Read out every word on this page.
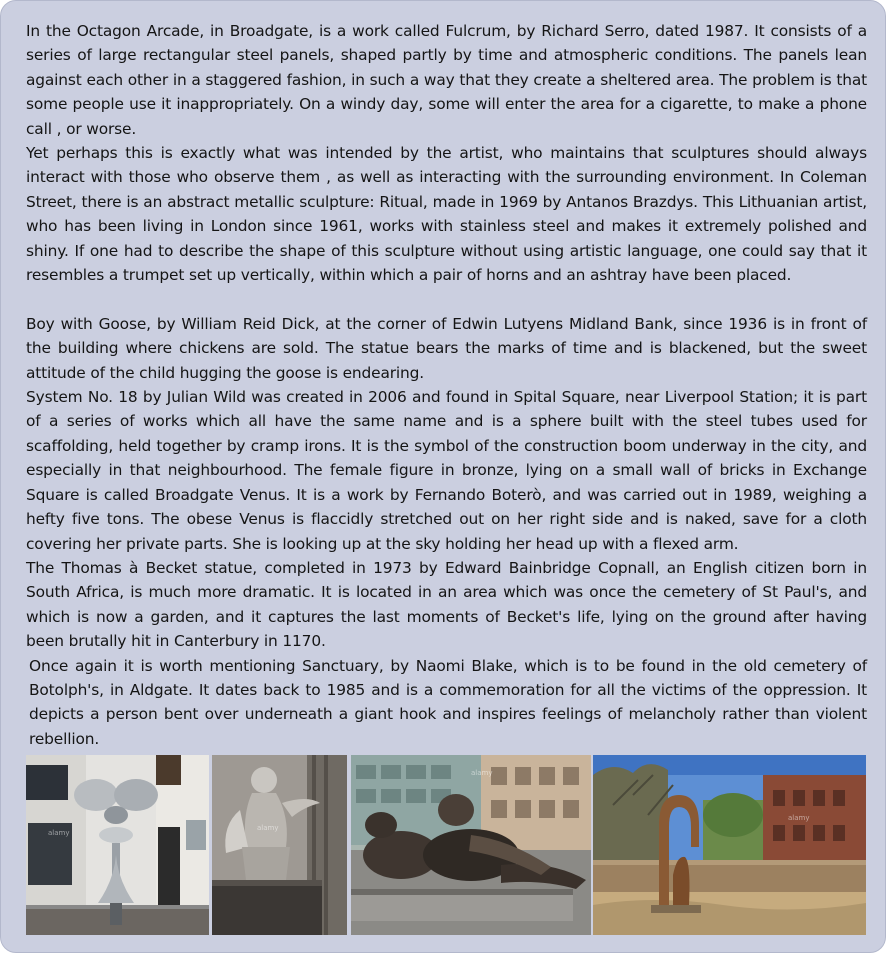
In the Octagon Arcade, in Broadgate, is a work called Fulcrum, by Richard Serro, dated 1987. It consists of a series of large rectangular steel panels, shaped partly by time and atmospheric conditions. The panels lean against each other in a staggered fashion, in such a way that they create a sheltered area. The problem is that some people use it inappropriately. On a windy day, some will enter the area for a cigarette, to make a phone call , or worse.

Yet perhaps this is exactly what was intended by the artist, who maintains that sculptures should always interact with those who observe them , as well as interacting with the surrounding environment. In Coleman Street, there is an abstract metallic sculpture: Ritual, made in 1969 by Antanos Brazdys. This Lithuanian artist, who has been living in London since 1961, works with stainless steel and makes it extremely polished and shiny. If one had to describe the shape of this sculpture without using artistic language, one could say that it resembles a trumpet set up vertically, within which a pair of horns and an ashtray have been placed.

Boy with Goose, by William Reid Dick, at the corner of Edwin Lutyens Midland Bank, since 1936 is in front of the building where chickens are sold. The statue bears the marks of time and is blackened, but the sweet attitude of the child hugging the goose is endearing.

System No. 18 by Julian Wild was created in 2006 and found in Spital Square, near Liverpool Station; it is part of a series of works which all have the same name and is a sphere built with the steel tubes used for scaffolding, held together by cramp irons. It is the symbol of the construction boom underway in the city, and especially in that neighbourhood. The female figure in bronze, lying on a small wall of bricks in Exchange Square is called Broadgate Venus. It is a work by Fernando Boterò, and was carried out in 1989, weighing a hefty five tons. The obese Venus is flaccidly stretched out on her right side and is naked, save for a cloth covering her private parts. She is looking up at the sky holding her head up with a flexed arm.

The Thomas à Becket statue, completed in 1973 by Edward Bainbridge Copnall, an English citizen born in South Africa, is much more dramatic. It is located in an area which was once the cemetery of St Paul's, and which is now a garden, and it captures the last moments of Becket's life, lying on the ground after having been brutally hit in Canterbury in 1170.

Once again it is worth mentioning Sanctuary, by Naomi Blake, which is to be found in the old cemetery of Botolph's, in Aldgate. It dates back to 1985 and is a commemoration for all the victims of the oppression. It depicts a person bent over underneath a giant hook and inspires feelings of melancholy rather than violent rebellion.

alamy
alamy
alamy
alamy
